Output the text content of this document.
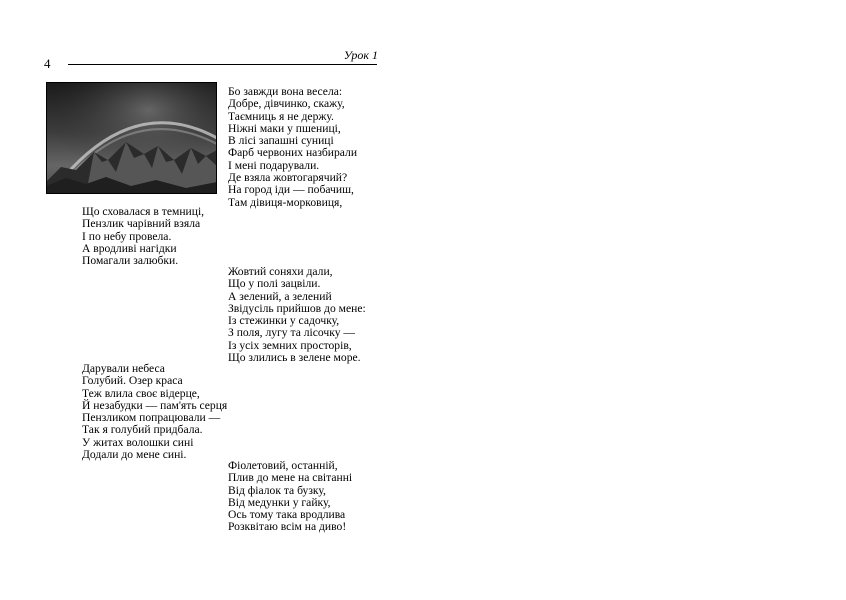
4
Урок 1
Бо завжди вона весела:
Добре, дівчинко, скажу,
Таємниць я не держу.
Ніжні маки у пшениці,
В лісі запашні суниці
Фарб червоних назбирали
І мені подарували.
Де взяла жовтогарячий?
На город іди — побачиш,
Там дівиця-морковиця,
Що сховалася в темниці,
Пензлик чарівний взяла
І по небу провела.
А вродливі нагідки
Помагали залюбки.
Жовтий соняхи дали,
Що у полі зацвіли.
А зелений, а зелений
Звідусіль прийшов до мене:
Із стежинки у садочку,
З поля, лугу та лісочку —
Із усіх земних просторів,
Що злились в зелене море.
Дарували небеса
Голубий. Озер краса
Теж влила своє відерце,
Й незабудки — пам'ять серця
Пензликом попрацювали —
Так я голубий придбала.
У житах волошки сині
Додали до мене сині.
Фіолетовий, останній,
Плив до мене на світанні
Від фіалок та бузку,
Від медунки у гайку,
Ось тому така вродлива
Розквітаю всім на диво!
